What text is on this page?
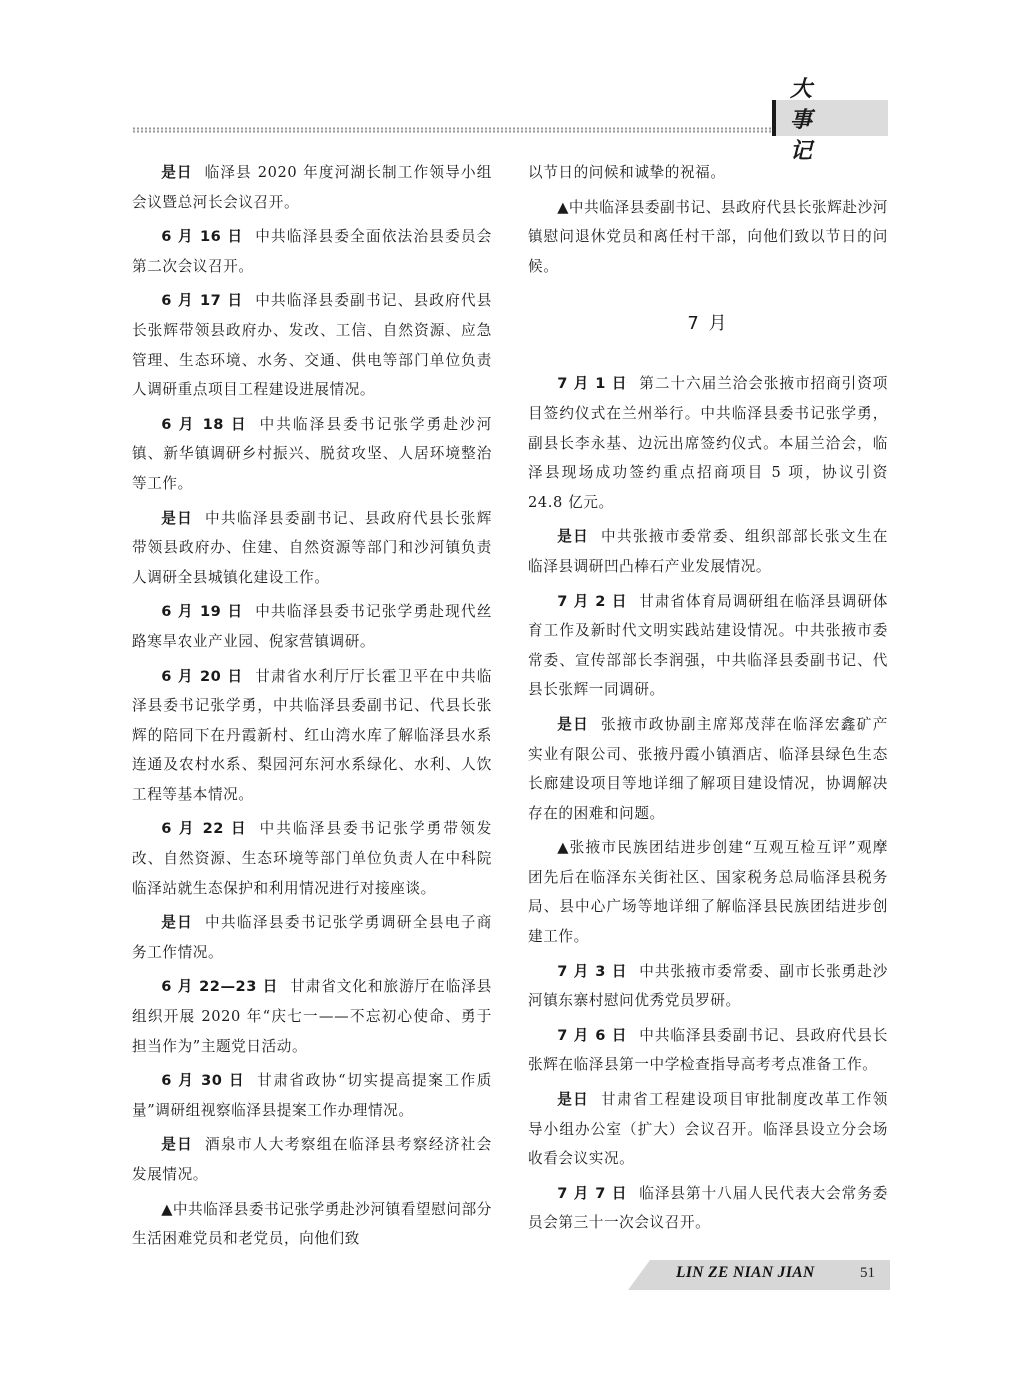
大 事 记

是日 临泽县 2020 年度河湖长制工作领导小组会议暨总河长会议召开。

6 月 16 日 中共临泽县委全面依法治县委员会第二次会议召开。

6 月 17 日 中共临泽县委副书记、县政府代县长张辉带领县政府办、发改、工信、自然资源、应急管理、生态环境、水务、交通、供电等部门单位负责人调研重点项目工程建设进展情况。

6 月 18 日 中共临泽县委书记张学勇赴沙河镇、新华镇调研乡村振兴、脱贫攻坚、人居环境整治等工作。

是日 中共临泽县委副书记、县政府代县长张辉带领县政府办、住建、自然资源等部门和沙河镇负责人调研全县城镇化建设工作。

6 月 19 日 中共临泽县委书记张学勇赴现代丝路寒旱农业产业园、倪家营镇调研。

6 月 20 日 甘肃省水利厅厅长霍卫平在中共临泽县委书记张学勇，中共临泽县委副书记、代县长张辉的陪同下在丹霞新村、红山湾水库了解临泽县水系连通及农村水系、梨园河东河水系绿化、水利、人饮工程等基本情况。

6 月 22 日 中共临泽县委书记张学勇带领发改、自然资源、生态环境等部门单位负责人在中科院临泽站就生态保护和利用情况进行对接座谈。

是日 中共临泽县委书记张学勇调研全县电子商务工作情况。

6 月 22—23 日 甘肃省文化和旅游厅在临泽县组织开展 2020 年“庆七一——不忘初心使命、勇于担当作为”主题党日活动。

6 月 30 日 甘肃省政协“切实提高提案工作质量”调研组视察临泽县提案工作办理情况。

是日 酒泉市人大考察组在临泽县考察经济社会发展情况。

▲中共临泽县委书记张学勇赴沙河镇看望慰问部分生活困难党员和老党员，向他们致

以节日的问候和诚挚的祝福。

▲中共临泽县委副书记、县政府代县长张辉赴沙河镇慰问退休党员和离任村干部，向他们致以节日的问候。

7 月

7 月 1 日 第二十六届兰洽会张掖市招商引资项目签约仪式在兰州举行。中共临泽县委书记张学勇，副县长李永基、边沅出席签约仪式。本届兰洽会，临泽县现场成功签约重点招商项目 5 项，协议引资 24.8 亿元。

是日 中共张掖市委常委、组织部部长张文生在临泽县调研凹凸棒石产业发展情况。

7 月 2 日 甘肃省体育局调研组在临泽县调研体育工作及新时代文明实践站建设情况。中共张掖市委常委、宣传部部长李润强，中共临泽县委副书记、代县长张辉一同调研。

是日 张掖市政协副主席郑茂萍在临泽宏鑫矿产实业有限公司、张掖丹霞小镇酒店、临泽县绿色生态长廊建设项目等地详细了解项目建设情况，协调解决存在的困难和问题。

▲张掖市民族团结进步创建“互观互检互评”观摩团先后在临泽东关街社区、国家税务总局临泽县税务局、县中心广场等地详细了解临泽县民族团结进步创建工作。

7 月 3 日 中共张掖市委常委、副市长张勇赴沙河镇东寨村慰问优秀党员罗研。

7 月 6 日 中共临泽县委副书记、县政府代县长张辉在临泽县第一中学检查指导高考考点准备工作。

是日 甘肃省工程建设项目审批制度改革工作领导小组办公室（扩大）会议召开。临泽县设立分会场收看会议实况。

7 月 7 日 临泽县第十八届人民代表大会常务委员会第三十一次会议召开。

LIN ZE NIAN JIAN	51
